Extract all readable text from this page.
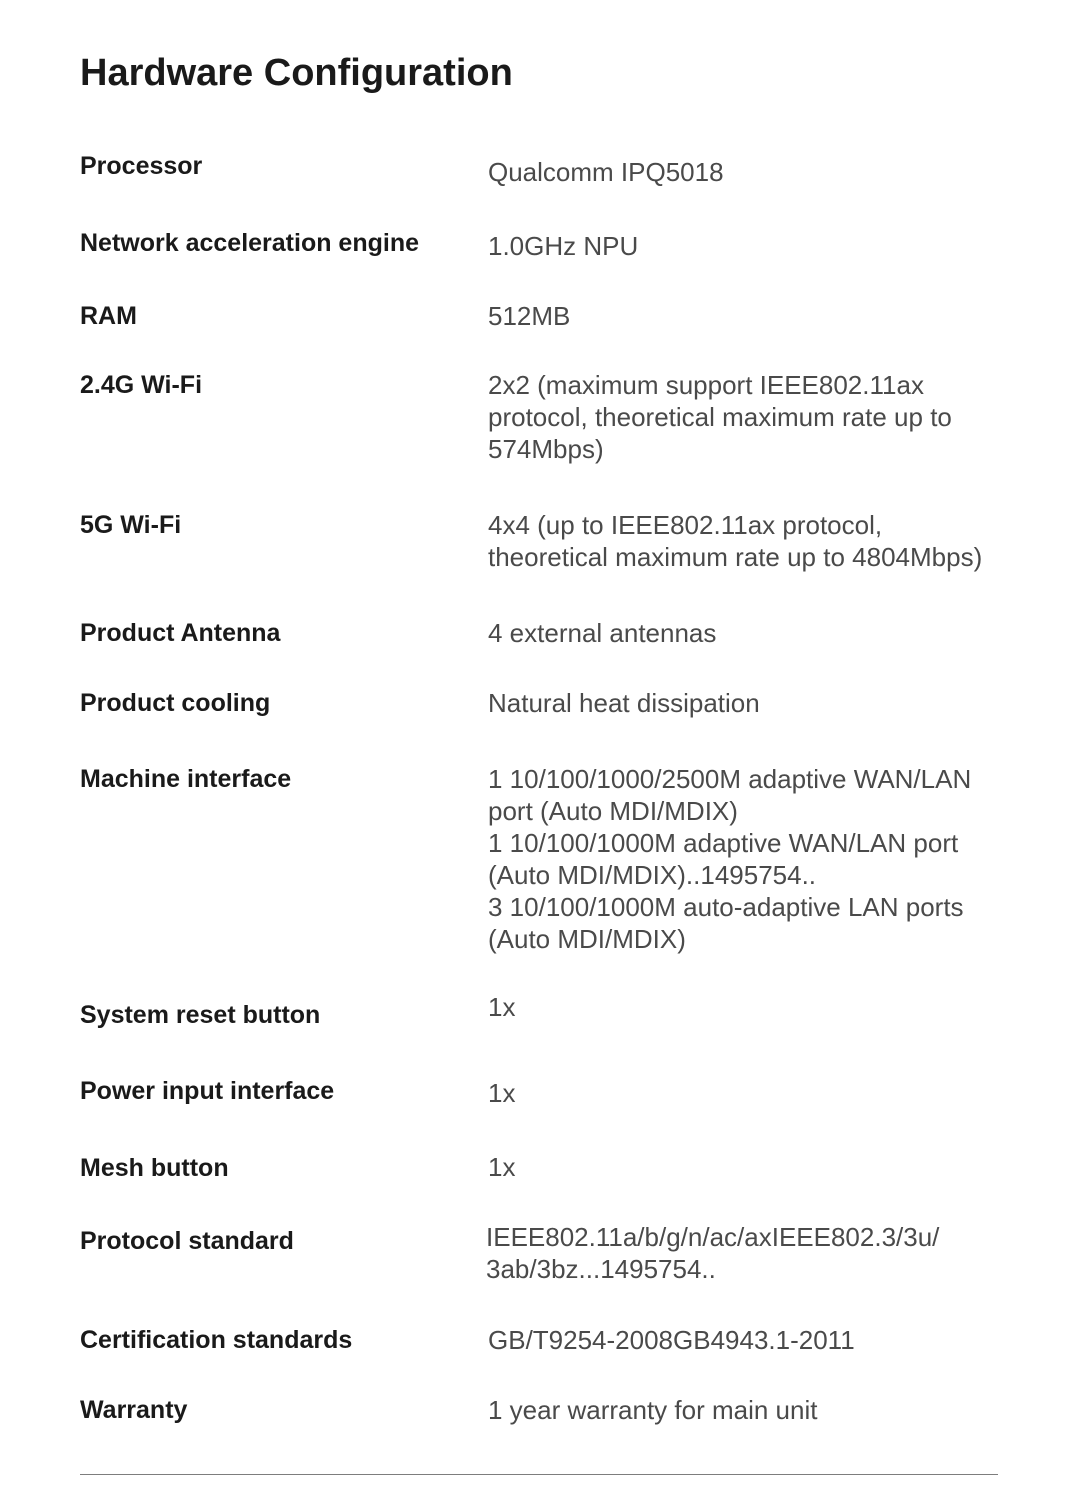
Hardware Configuration
Processor	Qualcomm IPQ5018
Network acceleration engine	1.0GHz NPU
RAM	512MB
2.4G Wi-Fi	2x2 (maximum support IEEE802.11ax
protocol, theoretical maximum rate up to
574Mbps)
5G Wi-Fi	4x4 (up to IEEE802.11ax protocol,
theoretical maximum rate up to 4804Mbps)
Product Antenna	4 external antennas
Product cooling	Natural heat dissipation
Machine interface	1 10/100/1000/2500M adaptive WAN/LAN
port (Auto MDI/MDIX)
1 10/100/1000M adaptive WAN/LAN port
(Auto MDI/MDIX)..1495754..
3 10/100/1000M auto-adaptive LAN ports
(Auto MDI/MDIX)
System reset button	1x
Power input interface	1x
Mesh button	1x
Protocol standard	IEEE802.11a/b/g/n/ac/axIEEE802.3/3u/
3ab/3bz...1495754..
Certification standards	GB/T9254-2008GB4943.1-2011
Warranty	1 year warranty for main unit
